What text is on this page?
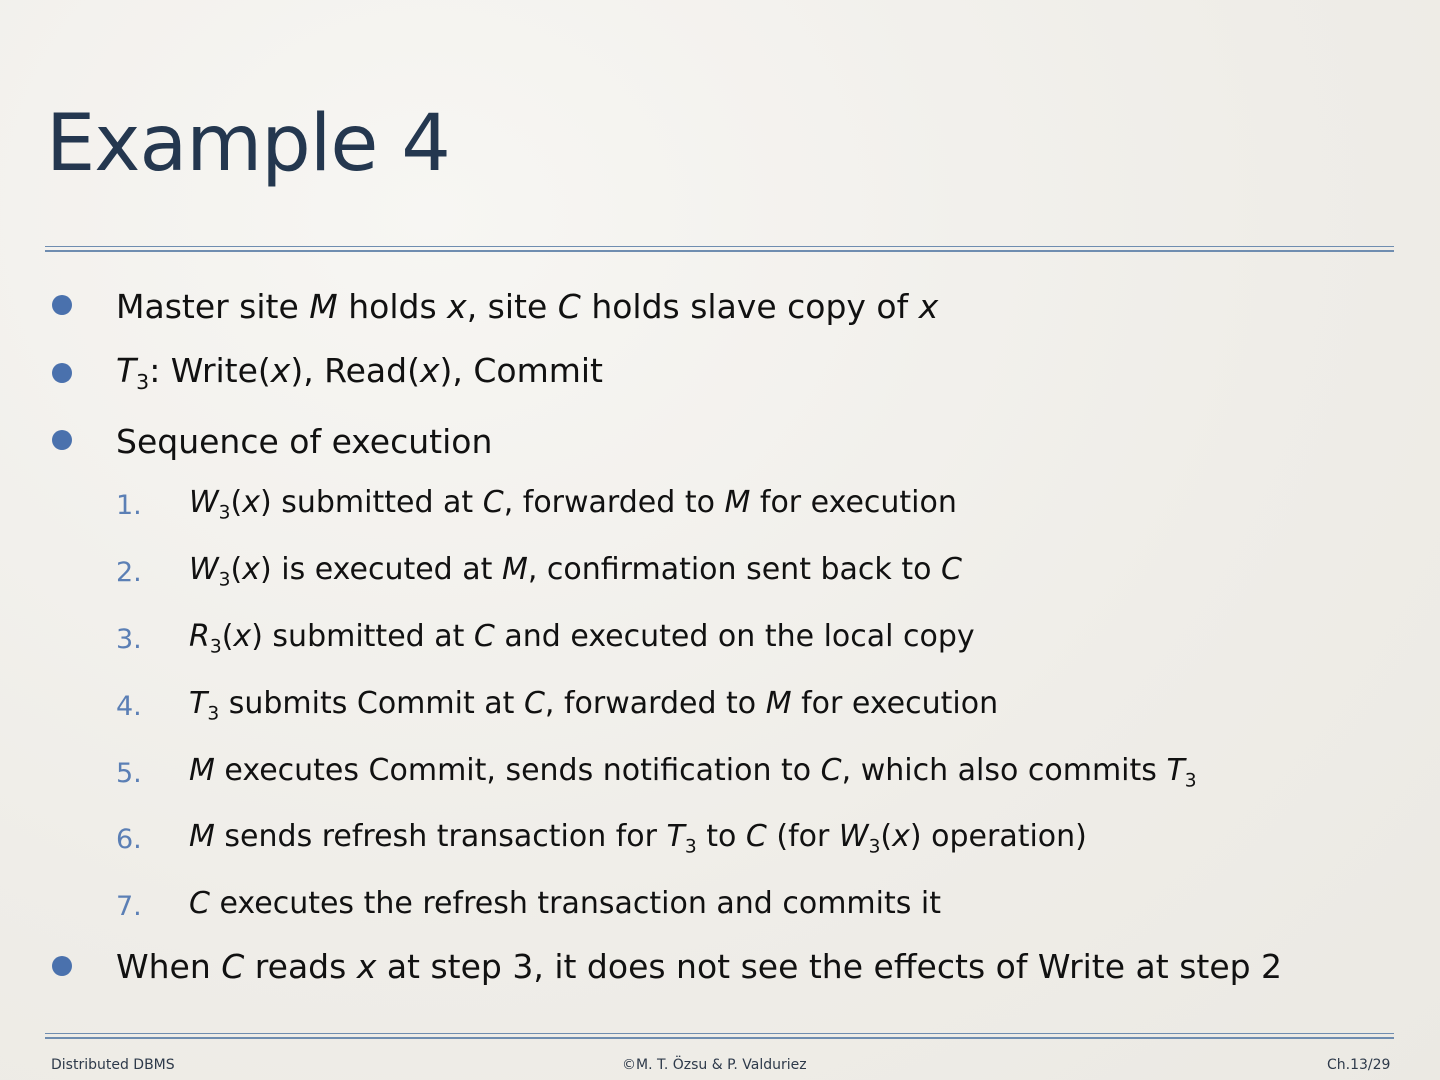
Example 4
Master site M holds x, site C holds slave copy of x
$T_3$: Write(x), Read(x), Commit
Sequence of execution
1. $W_3(x)$ submitted at C, forwarded to M for execution
2. $W_3(x)$ is executed at M, confirmation sent back to C
3. $R_3(x)$ submitted at C and executed on the local copy
4. $T_3$ submits Commit at C, forwarded to M for execution
5. M executes Commit, sends notification to C, which also commits $T_3$
6. M sends refresh transaction for $T_3$ to C (for $W_3(x)$ operation)
7. C executes the refresh transaction and commits it
When C reads x at step 3, it does not see the effects of Write at step 2
Distributed DBMS	©M. T. Özsu & P. Valduriez	Ch.13/29
